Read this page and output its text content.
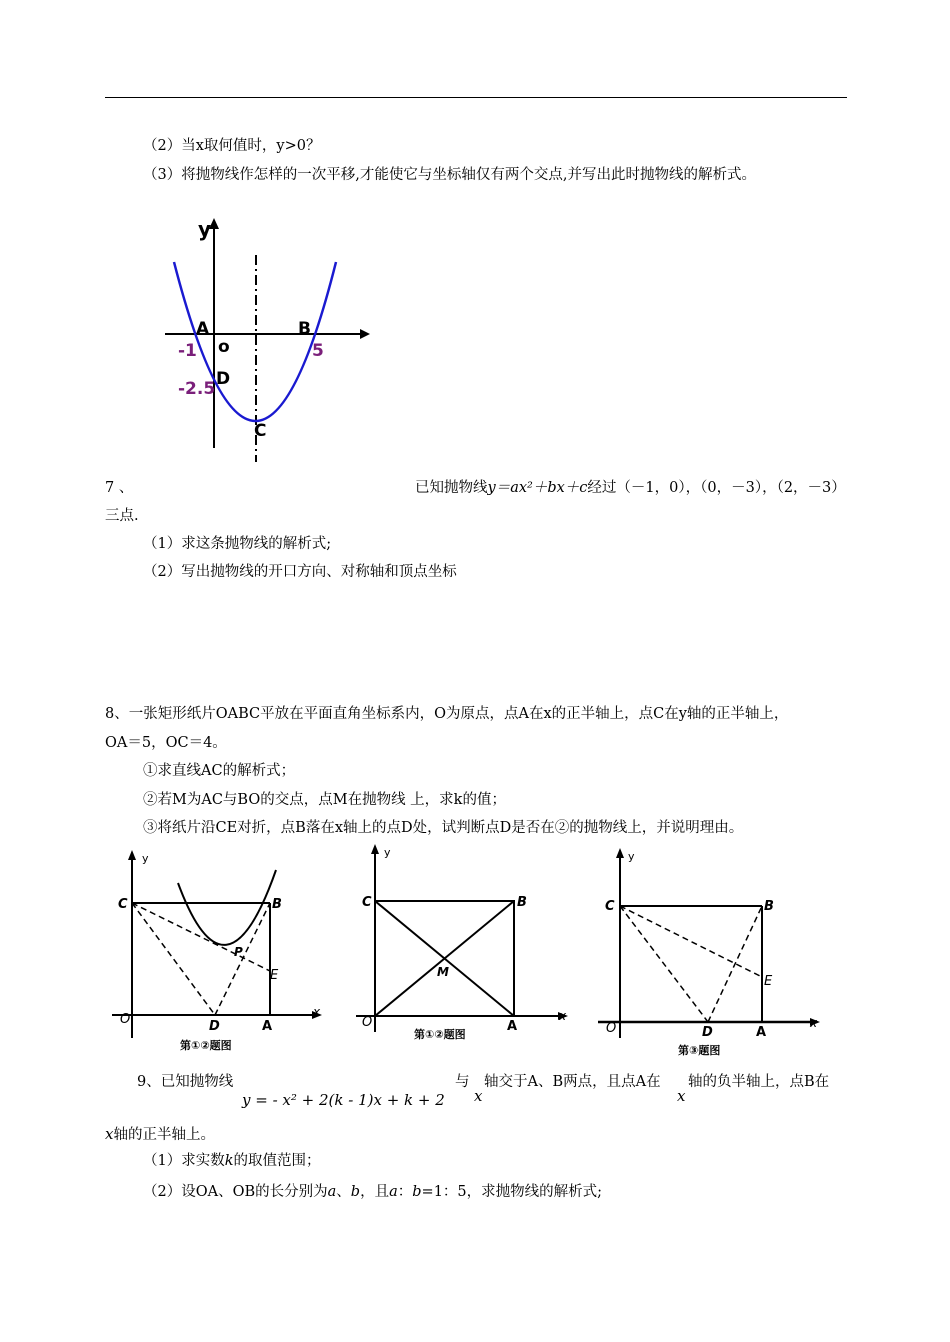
（2）当x取何值时，y>0？
（3）将抛物线作怎样的一次平移,才能使它与坐标轴仅有两个交点,并写出此时抛物线的解析式。
y
A
o
B
D
C
-1	5
-2.5
7 、	已知抛物线y＝ax²＋bx＋c经过（－1，0），（0，－3），（2，－3）
三点.
（1）求这条抛物线的解析式;
（2）写出抛物线的开口方向、对称轴和顶点坐标
8、一张矩形纸片OABC平放在平面直角坐标系内，O为原点，点A在x的正半轴上，点C在y轴的正半轴上，
OA＝5，OC＝4。
①求直线AC的解析式；
②若M为AC与BO的交点，点M在抛物线 上，求k的值；
③将纸片沿CE对折，点B落在x轴上的点D处，试判断点D是否在②的抛物线上，并说明理由。
y
x
O
C	B
E
P
D	A
第①②题图
y
x
O
C	B
M
A
第①②题图
y
x
O
C	B
E
D	A
第③题图
9、已知抛物线
y = - x² + 2(k - 1)x + k + 2
与
x
轴交于A、B两点，且点A在
x
轴的负半轴上，点B在
x轴的正半轴上。
（1）求实数k的取值范围；
（2）设OA、OB的长分别为a、b，且a：b=1：5，求抛物线的解析式;
